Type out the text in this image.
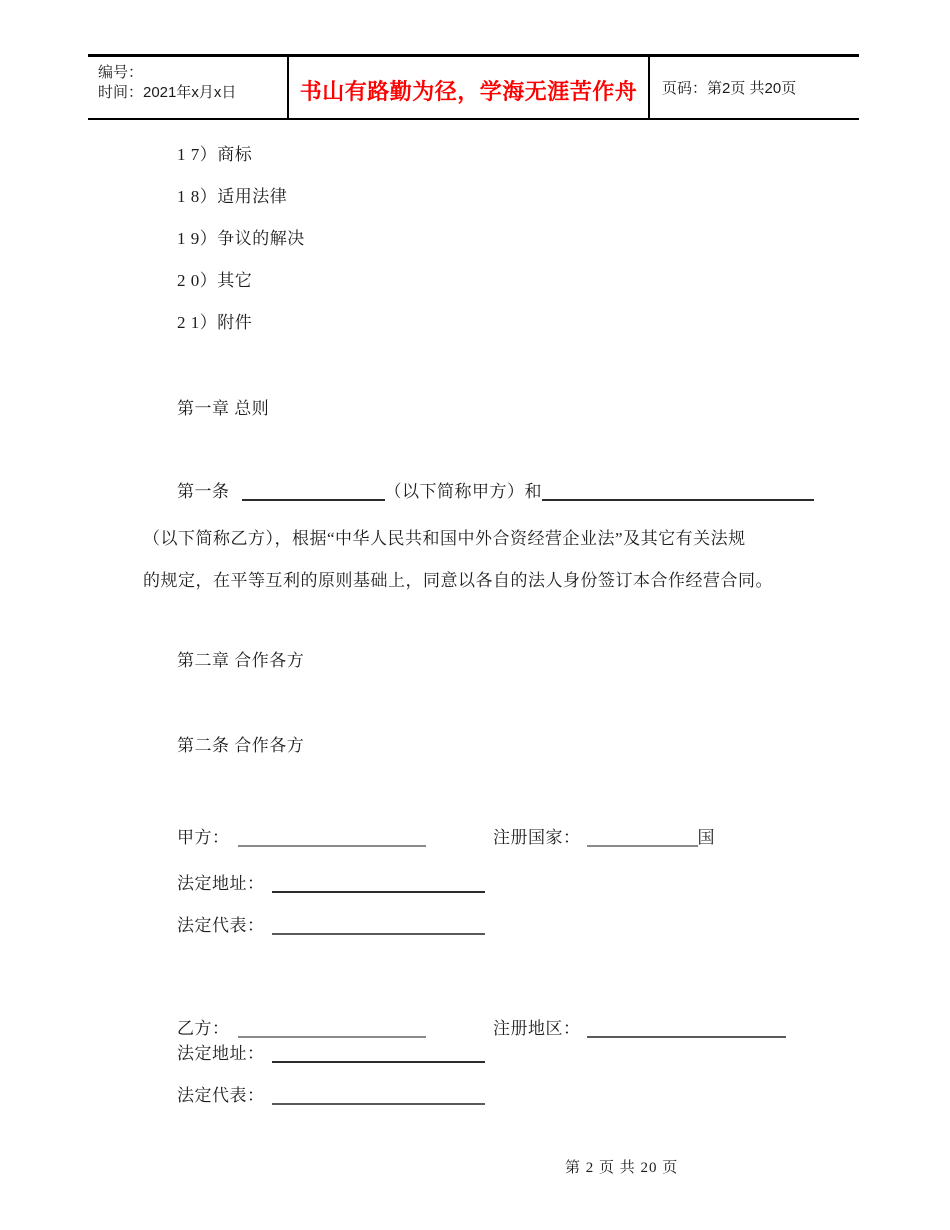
编号：
时间：2021年x月x日	书山有路勤为径，学海无涯苦作舟 页码：第2页 共20页
1 7）商标
1 8）适用法律
1 9）争议的解决
2 0）其它
2 1）附件
第一章 总则
第一条	（以下简称甲方）和
（以下简称乙方），根据“中华人民共和国中外合资经营企业法”及其它有关法规
的规定，在平等互利的原则基础上，同意以各自的法人身份签订本合作经营合同。
第二章 合作各方
第二条 合作各方
甲方：	注册国家：	国
法定地址：
法定代表：
乙方：	注册地区：
法定地址：
法定代表：
第 2 页 共 20 页
